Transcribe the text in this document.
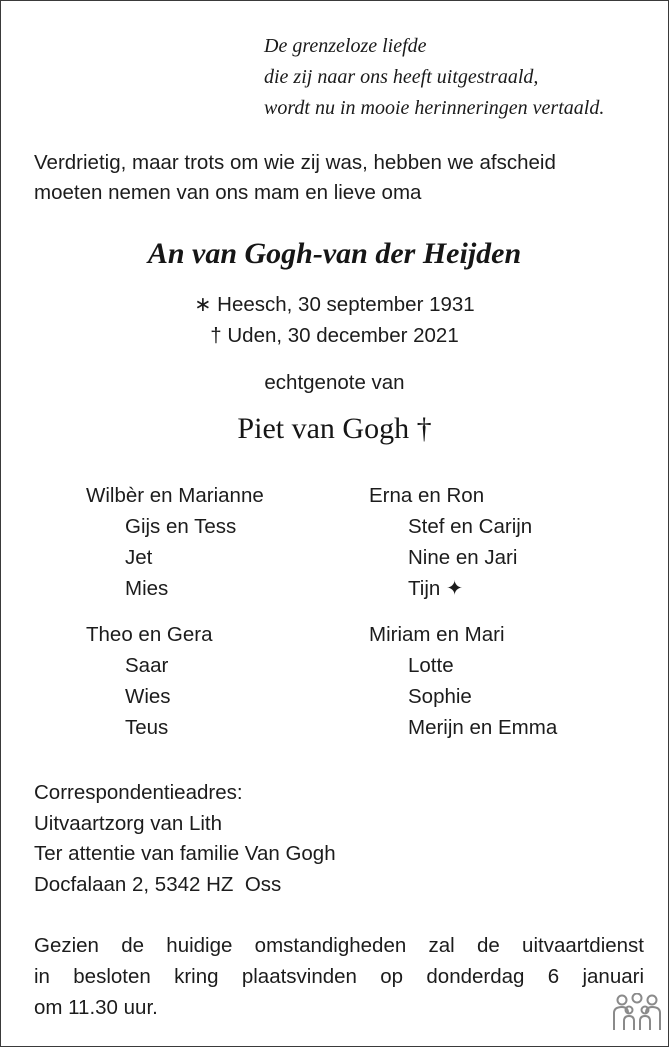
De grenzeloze liefde
die zij naar ons heeft uitgestraald,
wordt nu in mooie herinneringen vertaald.
Verdrietig, maar trots om wie zij was, hebben we afscheid
moeten nemen van ons mam en lieve oma
An van Gogh-van der Heijden
∗ Heesch, 30 september 1931
† Uden, 30 december 2021
echtgenote van
Piet van Gogh †
Wilbèr en Marianne
Gijs en Tess
Jet
Mies
Erna en Ron
Stef en Carijn
Nine en Jari
Tijn ✦
Theo en Gera
Saar
Wies
Teus
Miriam en Mari
Lotte
Sophie
Merijn en Emma
Correspondentieadres:
Uitvaartzorg van Lith
Ter attentie van familie Van Gogh
Docfalaan 2, 5342 HZ  Oss
Gezien de huidige omstandigheden zal de uitvaartdienst
in besloten kring plaatsvinden op donderdag 6 januari
om 11.30 uur.
